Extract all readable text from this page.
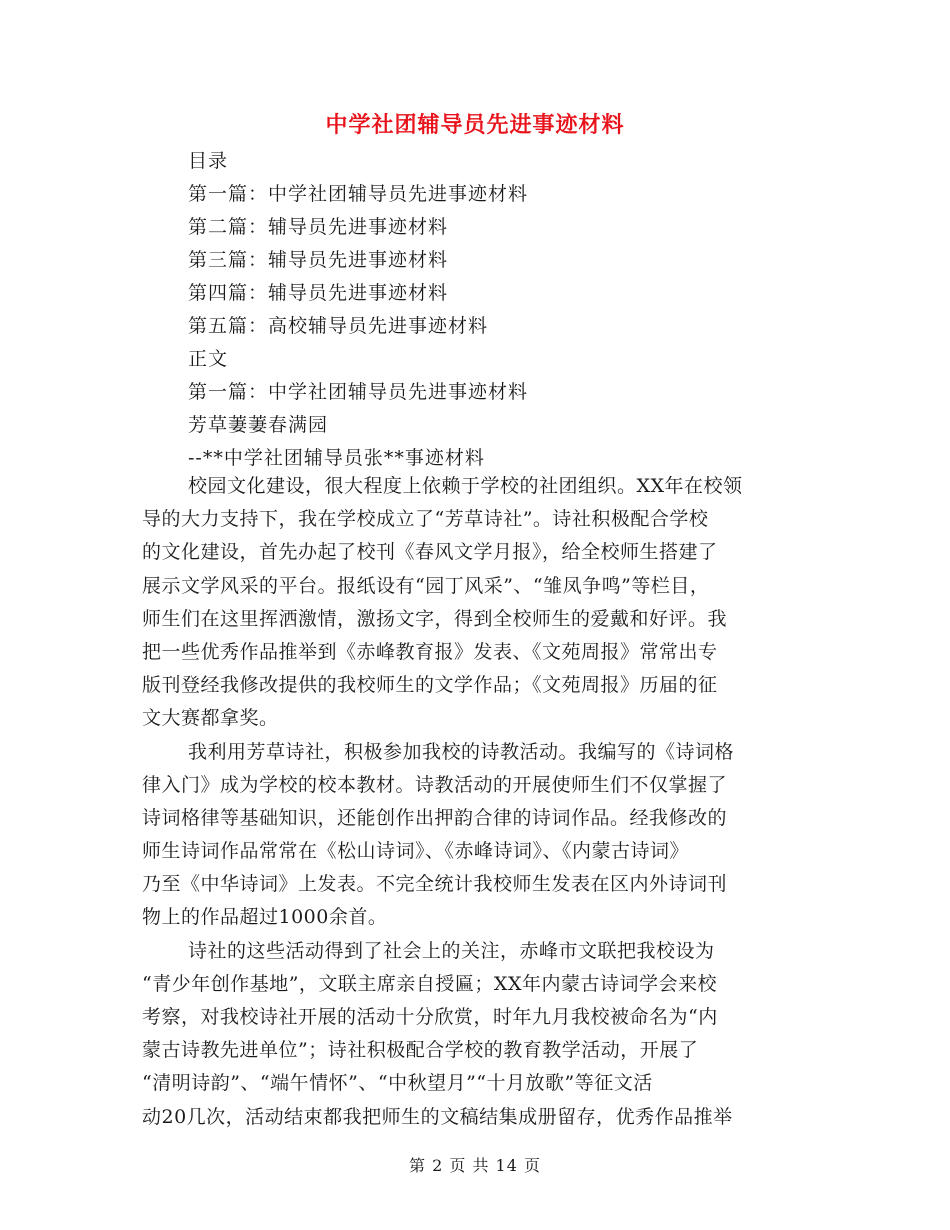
中学社团辅导员先进事迹材料
目录
第一篇：中学社团辅导员先进事迹材料
第二篇：辅导员先进事迹材料
第三篇：辅导员先进事迹材料
第四篇：辅导员先进事迹材料
第五篇：高校辅导员先进事迹材料
正文
第一篇：中学社团辅导员先进事迹材料
芳草萋萋春满园
--**中学社团辅导员张**事迹材料

校园文化建设，很大程度上依赖于学校的社团组织。XX年在校领
导的大力支持下，我在学校成立了“芳草诗社”。诗社积极配合学校
的文化建设，首先办起了校刊《春风文学月报》，给全校师生搭建了
展示文学风采的平台。报纸设有“园丁风采”、“雏凤争鸣”等栏目，
师生们在这里挥洒激情，激扬文字，得到全校师生的爱戴和好评。我
把一些优秀作品推举到《赤峰教育报》发表、《文苑周报》常常出专
版刊登经我修改提供的我校师生的文学作品；《文苑周报》历届的征
文大赛都拿奖。

我利用芳草诗社，积极参加我校的诗教活动。我编写的《诗词格
律入门》成为学校的校本教材。诗教活动的开展使师生们不仅掌握了
诗词格律等基础知识，还能创作出押韵合律的诗词作品。经我修改的
师生诗词作品常常在《松山诗词》、《赤峰诗词》、《内蒙古诗词》
乃至《中华诗词》上发表。不完全统计我校师生发表在区内外诗词刊
物上的作品超过1000余首。

诗社的这些活动得到了社会上的关注，赤峰市文联把我校设为
“青少年创作基地”，文联主席亲自授匾；XX年内蒙古诗词学会来校
考察，对我校诗社开展的活动十分欣赏，时年九月我校被命名为“内
蒙古诗教先进单位”；诗社积极配合学校的教育教学活动，开展了
“清明诗韵”、“端午情怀”、“中秋望月”“十月放歌”等征文活
动20几次，活动结束都我把师生的文稿结集成册留存，优秀作品推举

第 2 页 共 14 页
